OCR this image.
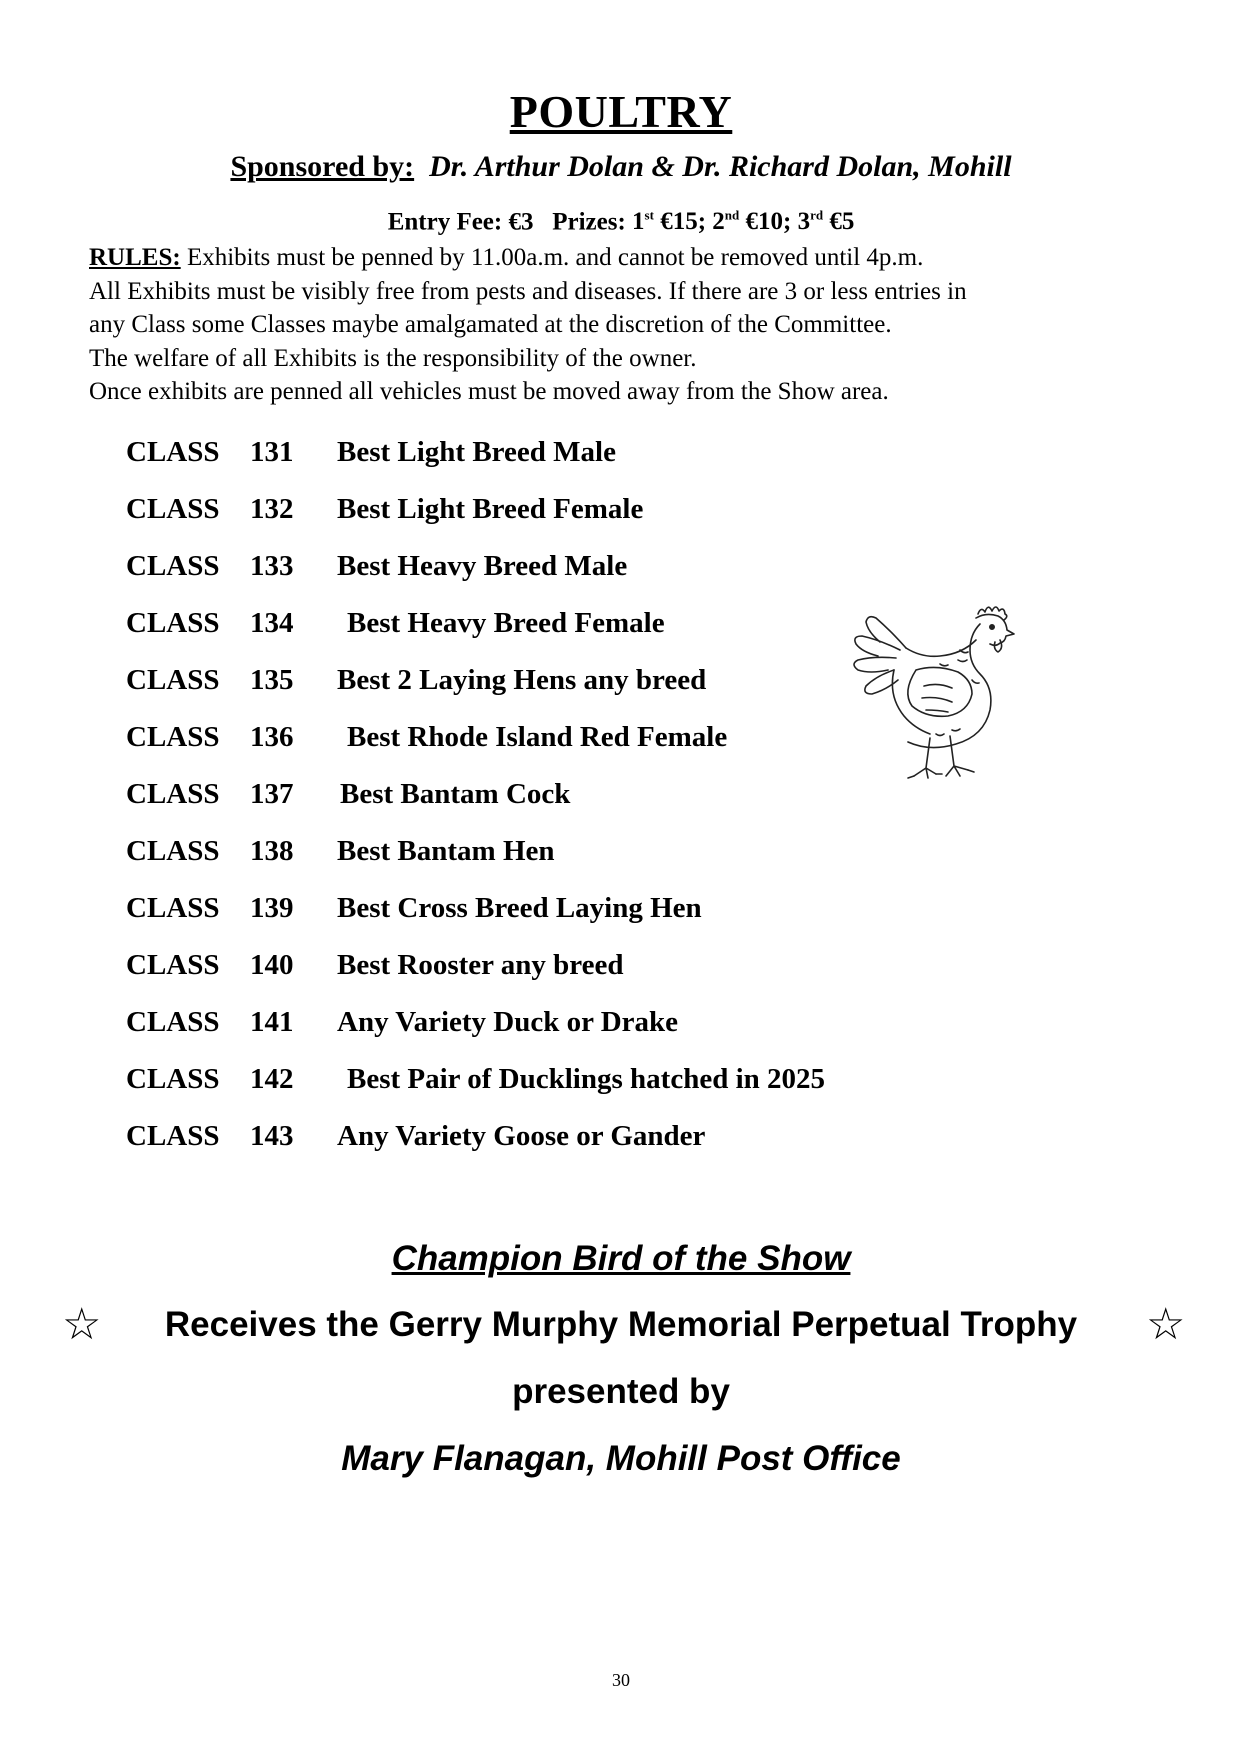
POULTRY
Sponsored by: Dr. Arthur Dolan & Dr. Richard Dolan, Mohill
Entry Fee: €3 Prizes: 1st €15; 2nd €10; 3rd €5

RULES: Exhibits must be penned by 11.00a.m. and cannot be removed until 4p.m.

All Exhibits must be visibly free from pests and diseases. If there are 3 or less entries in

any Class some Classes maybe amalgamated at the discretion of the Committee.

The welfare of all Exhibits is the responsibility of the owner.

Once exhibits are penned all vehicles must be moved away from the Show area.

CLASS	131	Best Light Breed Male
CLASS	132	Best Light Breed Female
CLASS	133	Best Heavy Breed Male
CLASS	134	Best Heavy Breed Female
CLASS	135	Best 2 Laying Hens any breed
CLASS	136	Best Rhode Island Red Female
CLASS	137	Best Bantam Cock
CLASS	138	Best Bantam Hen
CLASS	139	Best Cross Breed Laying Hen
CLASS	140	Best Rooster any breed
CLASS	141	Any Variety Duck or Drake
CLASS	142	Best Pair of Ducklings hatched in 2025
CLASS	143	Any Variety Goose or Gander
Champion Bird of the Show
☆	Receives the Gerry Murphy Memorial Perpetual Trophy	☆
presented by
Mary Flanagan, Mohill Post Office
30
